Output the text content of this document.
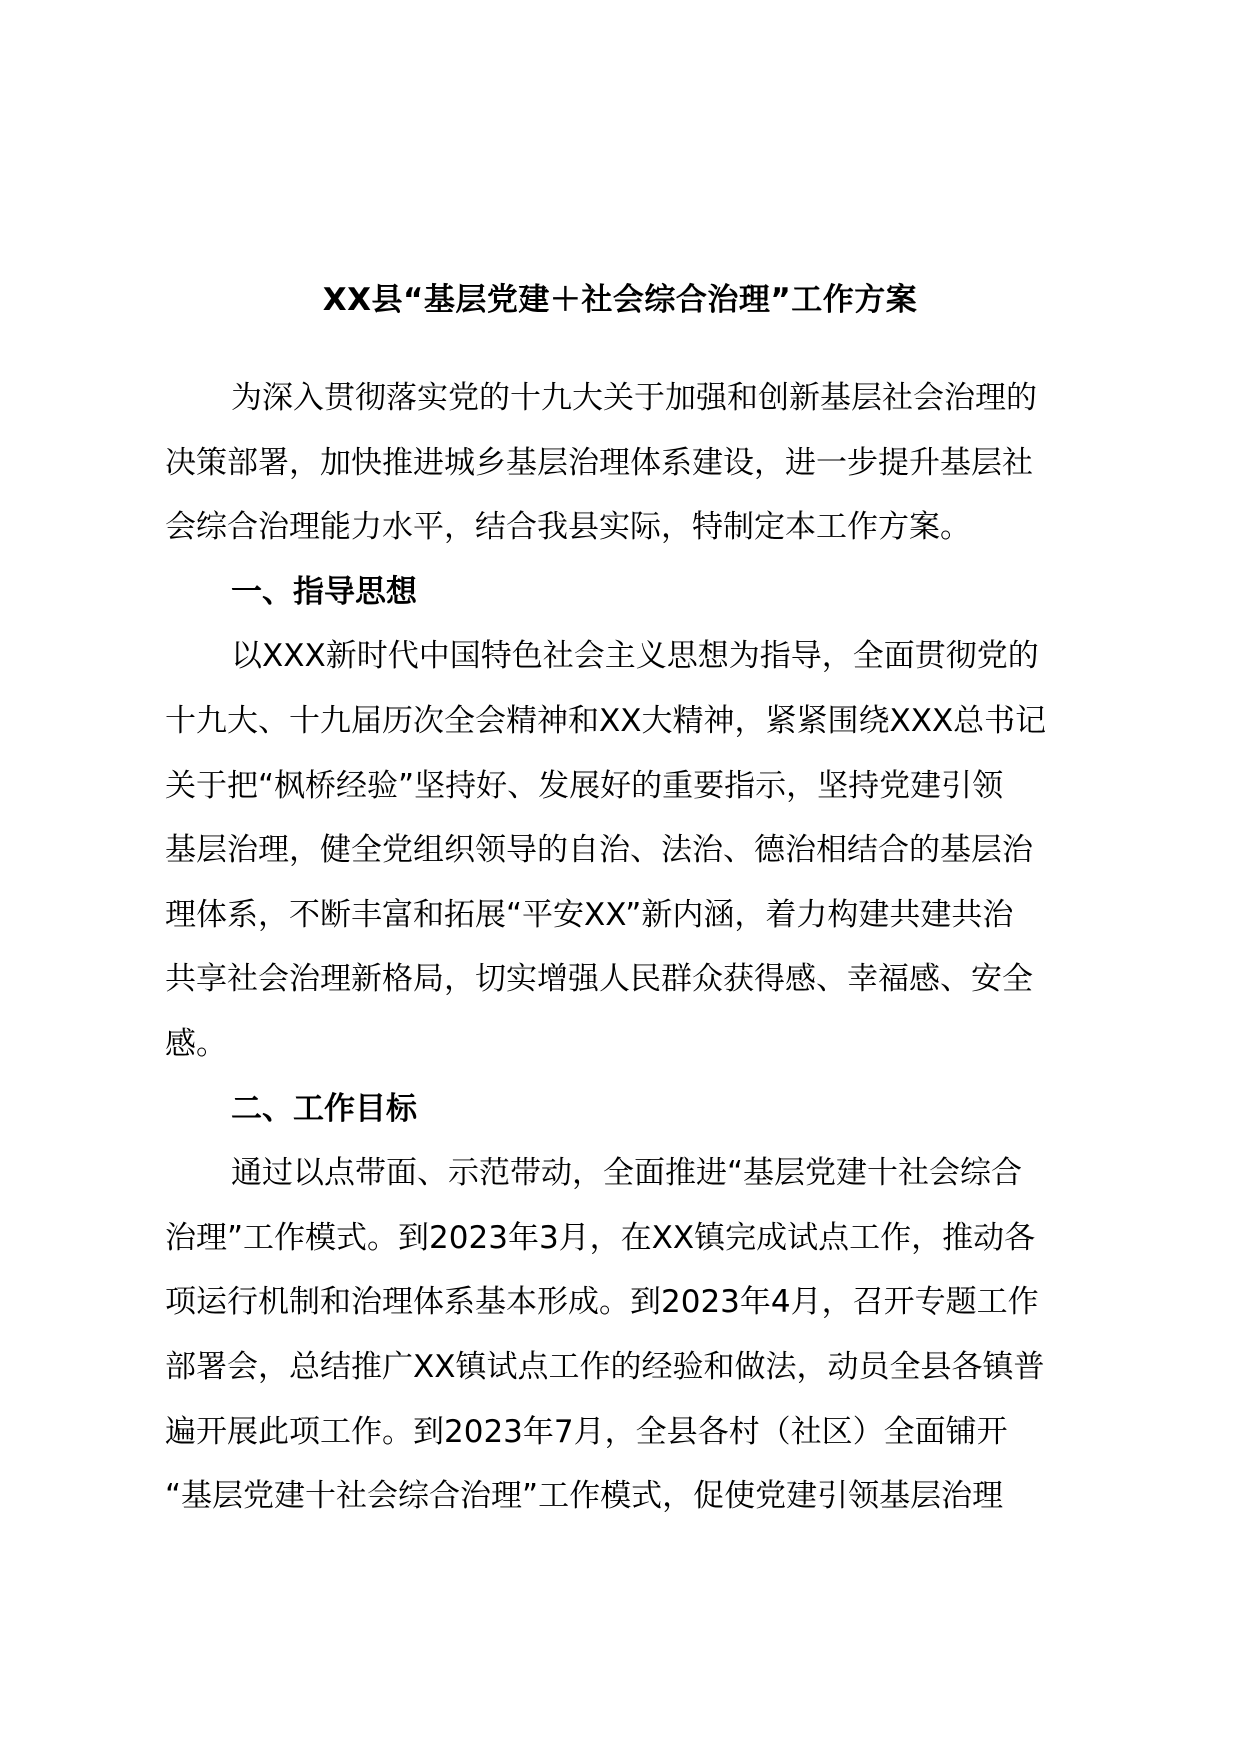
XX县“基层党建＋社会综合治理”工作方案
为深入贯彻落实党的十九大关于加强和创新基层社会治理的
决策部署，加快推进城乡基层治理体系建设，进一步提升基层社
会综合治理能力水平，结合我县实际，特制定本工作方案。
一、指导思想
以XXX新时代中国特色社会主义思想为指导，全面贯彻党的
十九大、十九届历次全会精神和XX大精神，紧紧围绕XXX总书记
关于把“枫桥经验”坚持好、发展好的重要指示，坚持党建引领
基层治理，健全党组织领导的自治、法治、德治相结合的基层治
理体系，不断丰富和拓展“平安XX”新内涵，着力构建共建共治
共享社会治理新格局，切实增强人民群众获得感、幸福感、安全
感。
二、工作目标
通过以点带面、示范带动，全面推进“基层党建十社会综合
治理”工作模式。到2023年3月，在XX镇完成试点工作，推动各
项运行机制和治理体系基本形成。到2023年4月，召开专题工作
部署会，总结推广XX镇试点工作的经验和做法，动员全县各镇普
遍开展此项工作。到2023年7月，全县各村（社区）全面铺开
“基层党建十社会综合治理”工作模式，促使党建引领基层治理
